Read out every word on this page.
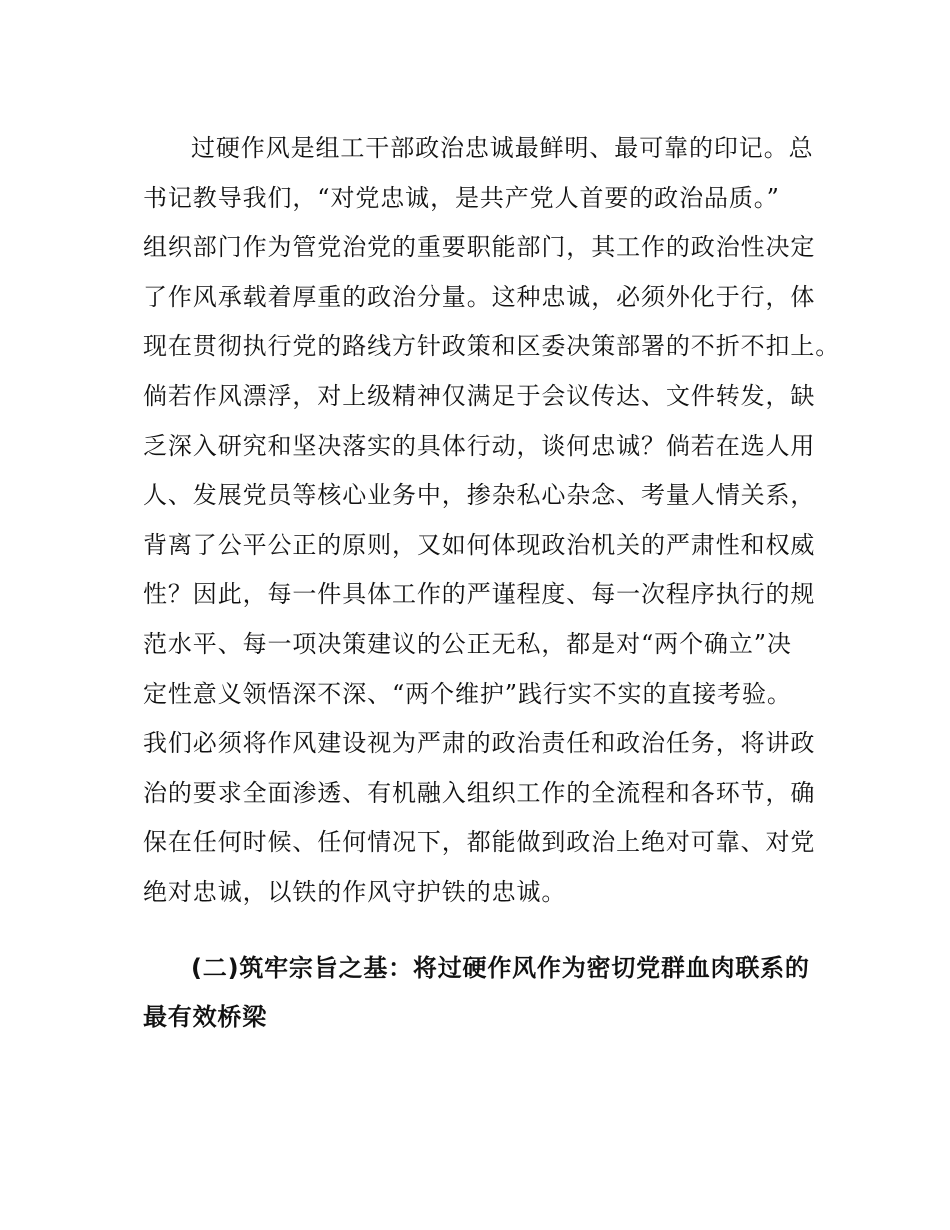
过硬作风是组工干部政治忠诚最鲜明、最可靠的印记。总

书记教导我们，“对党忠诚，是共产党人首要的政治品质。”

组织部门作为管党治党的重要职能部门，其工作的政治性决定

了作风承载着厚重的政治分量。这种忠诚，必须外化于行，体

现在贯彻执行党的路线方针政策和区委决策部署的不折不扣上。

倘若作风漂浮，对上级精神仅满足于会议传达、文件转发，缺

乏深入研究和坚决落实的具体行动，谈何忠诚？倘若在选人用

人、发展党员等核心业务中，掺杂私心杂念、考量人情关系，

背离了公平公正的原则，又如何体现政治机关的严肃性和权威

性？因此，每一件具体工作的严谨程度、每一次程序执行的规

范水平、每一项决策建议的公正无私，都是对“两个确立”决

定性意义领悟深不深、“两个维护”践行实不实的直接考验。

我们必须将作风建设视为严肃的政治责任和政治任务，将讲政

治的要求全面渗透、有机融入组织工作的全流程和各环节，确

保在任何时候、任何情况下，都能做到政治上绝对可靠、对党

绝对忠诚，以铁的作风守护铁的忠诚。

(二)筑牢宗旨之基：将过硬作风作为密切党群血肉联系的

最有效桥梁
